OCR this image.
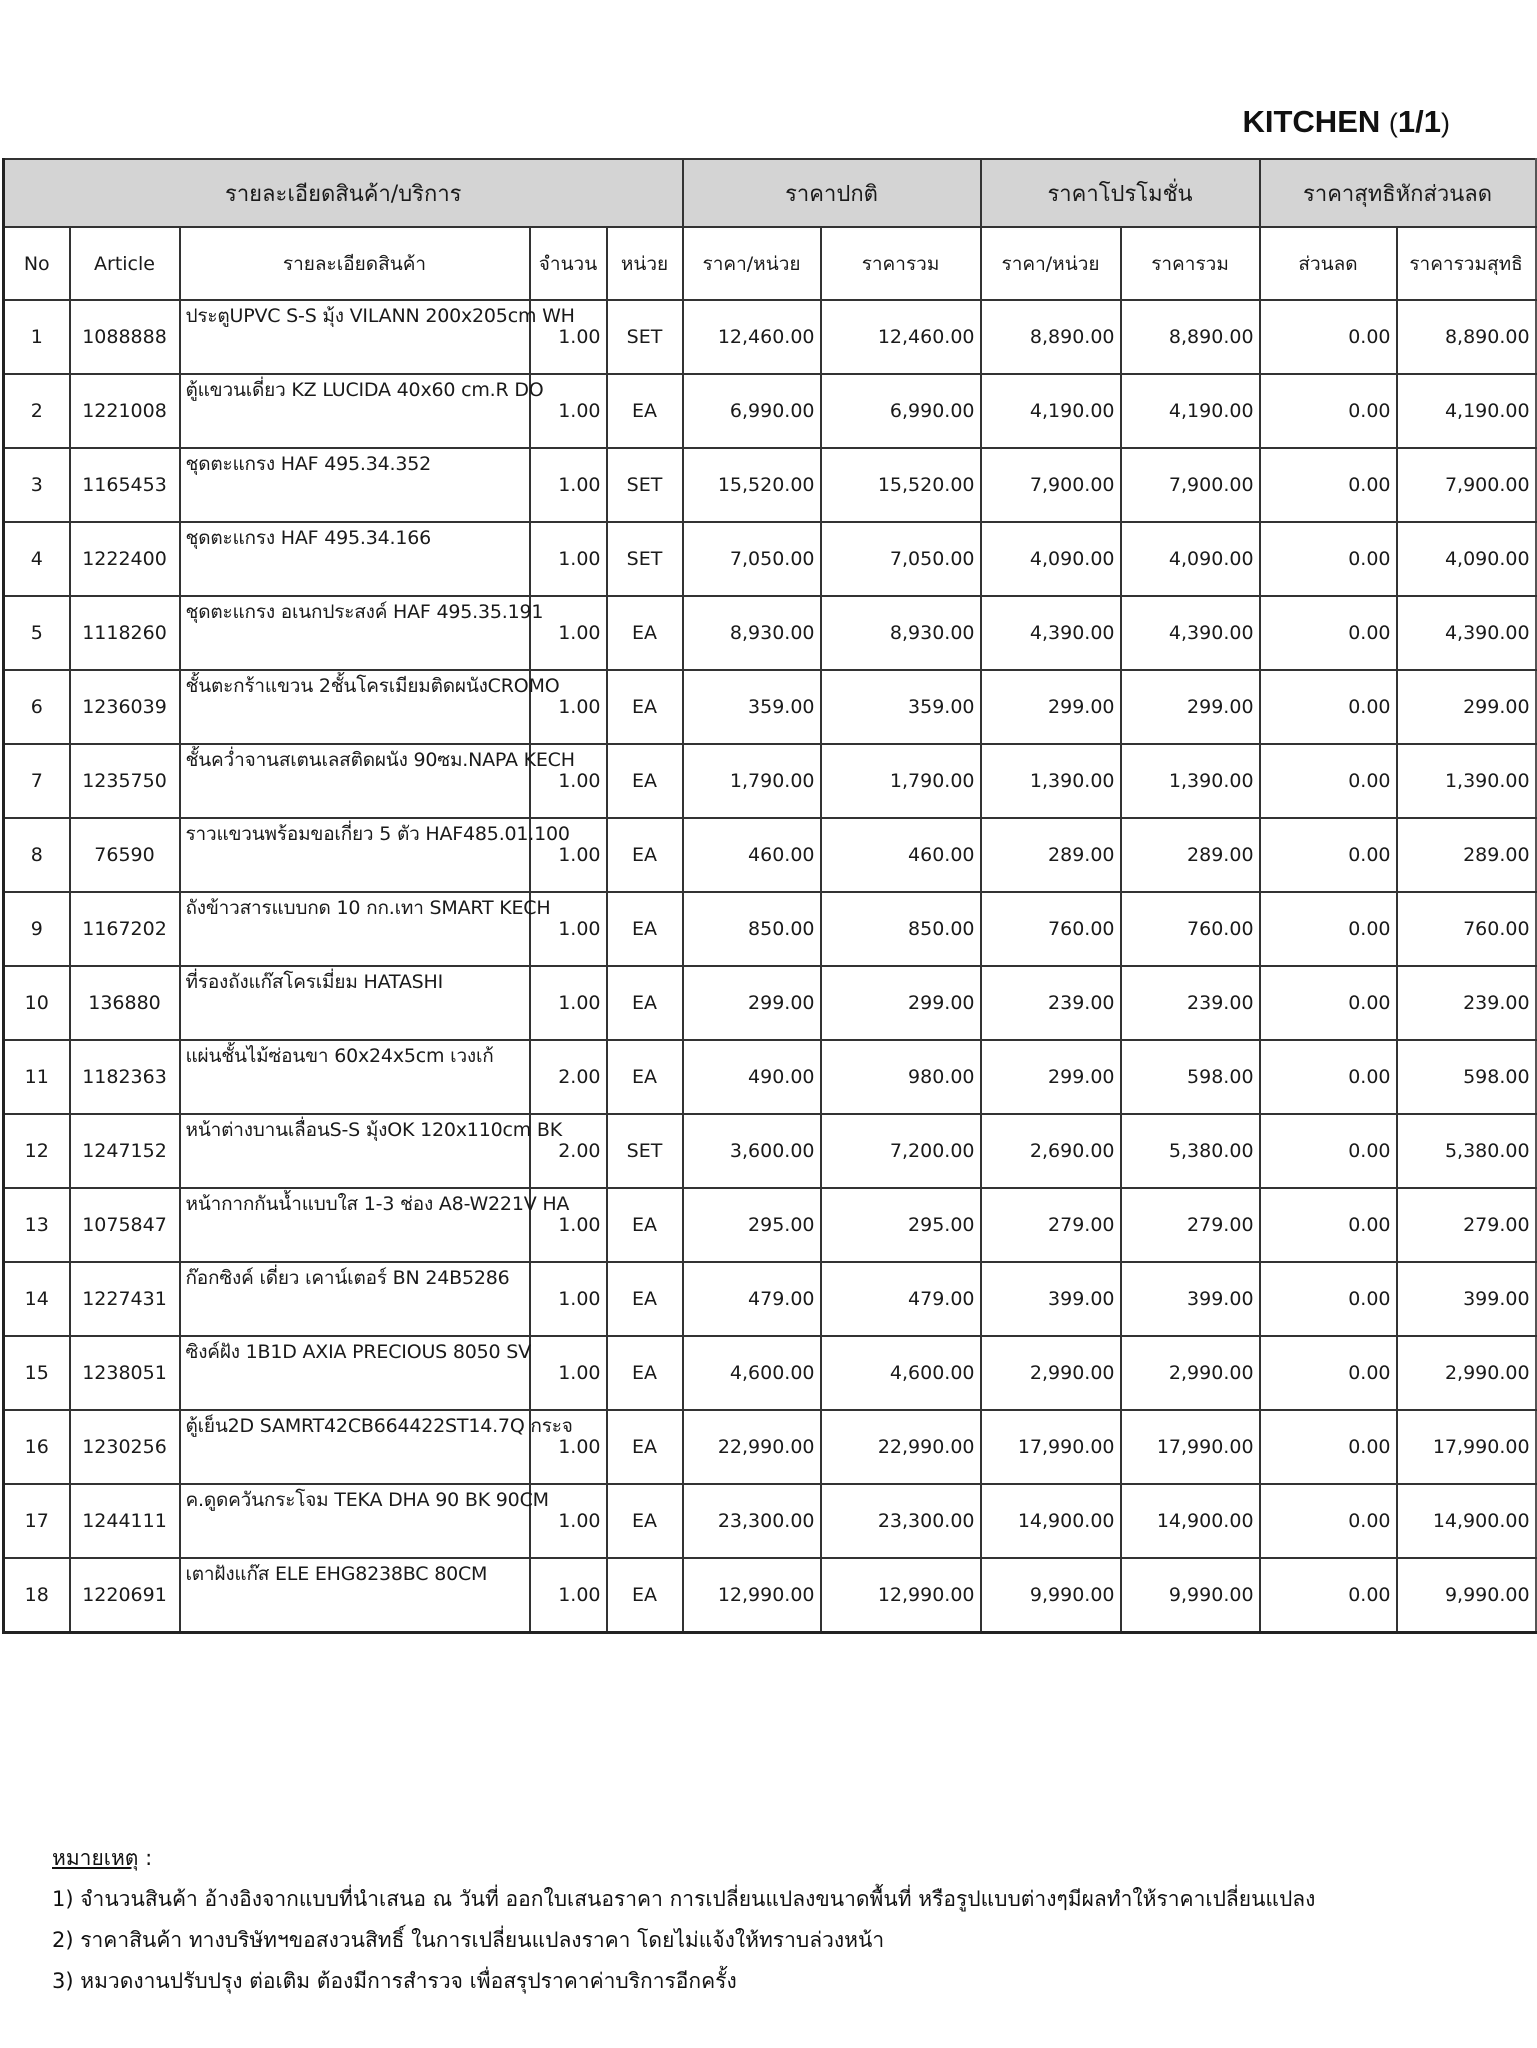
KITCHEN (1/1)
รายละเอียดสินค้า/บริการ					ราคาปกติ		ราคาโปรโมชั่น		ราคาสุทธิหักส่วนลด	
No	Article	รายละเอียดสินค้า	จำนวน	หน่วย	ราคา/หน่วย	ราคารวม	ราคา/หน่วย	ราคารวม	ส่วนลด	ราคารวมสุทธิ
1	1088888	ประตูUPVC S-S มุ้ง VILANN 200x205cm WH	1.00	SET	12,460.00	12,460.00	8,890.00	8,890.00	0.00	8,890.00
2	1221008	ตู้แขวนเดี่ยว KZ LUCIDA 40x60 cm.R DO	1.00	EA	6,990.00	6,990.00	4,190.00	4,190.00	0.00	4,190.00
3	1165453	ชุดตะแกรง HAF 495.34.352	1.00	SET	15,520.00	15,520.00	7,900.00	7,900.00	0.00	7,900.00
4	1222400	ชุดตะแกรง HAF 495.34.166	1.00	SET	7,050.00	7,050.00	4,090.00	4,090.00	0.00	4,090.00
5	1118260	ชุดตะแกรง อเนกประสงค์ HAF 495.35.191	1.00	EA	8,930.00	8,930.00	4,390.00	4,390.00	0.00	4,390.00
6	1236039	ชั้นตะกร้าแขวน 2ชั้นโครเมียมติดผนังCROMO	1.00	EA	359.00	359.00	299.00	299.00	0.00	299.00
7	1235750	ชั้นคว่ำจานสเตนเลสติดผนัง 90ซม.NAPA KECH	1.00	EA	1,790.00	1,790.00	1,390.00	1,390.00	0.00	1,390.00
8	76590	ราวแขวนพร้อมขอเกี่ยว 5 ตัว HAF485.01.100	1.00	EA	460.00	460.00	289.00	289.00	0.00	289.00
9	1167202	ถังข้าวสารแบบกด 10 กก.เทา SMART KECH	1.00	EA	850.00	850.00	760.00	760.00	0.00	760.00
10	136880	ที่รองถังแก๊สโครเมี่ยม HATASHI	1.00	EA	299.00	299.00	239.00	239.00	0.00	239.00
11	1182363	แผ่นชั้นไม้ซ่อนขา 60x24x5cm เวงเก้	2.00	EA	490.00	980.00	299.00	598.00	0.00	598.00
12	1247152	หน้าต่างบานเลื่อนS-S มุ้งOK 120x110cm BK	2.00	SET	3,600.00	7,200.00	2,690.00	5,380.00	0.00	5,380.00
13	1075847	หน้ากากกันน้ำแบบใส 1-3 ช่อง A8-W221V HA	1.00	EA	295.00	295.00	279.00	279.00	0.00	279.00
14	1227431	ก๊อกซิงค์ เดี่ยว เคาน์เตอร์ BN 24B5286	1.00	EA	479.00	479.00	399.00	399.00	0.00	399.00
15	1238051	ซิงค์ฝัง 1B1D AXIA PRECIOUS 8050 SV	1.00	EA	4,600.00	4,600.00	2,990.00	2,990.00	0.00	2,990.00
16	1230256	ตู้เย็น2D SAMRT42CB664422ST14.7Q กระจ	1.00	EA	22,990.00	22,990.00	17,990.00	17,990.00	0.00	17,990.00
17	1244111	ค.ดูดควันกระโจม TEKA DHA 90 BK 90CM	1.00	EA	23,300.00	23,300.00	14,900.00	14,900.00	0.00	14,900.00
18	1220691	เตาฝังแก๊ส ELE EHG8238BC 80CM	1.00	EA	12,990.00	12,990.00	9,990.00	9,990.00	0.00	9,990.00

หมายเหตุ :

1) จำนวนสินค้า อ้างอิงจากแบบที่นำเสนอ ณ วันที่ ออกใบเสนอราคา การเปลี่ยนแปลงขนาดพื้นที่ หรือรูปแบบต่างๆมีผลทำให้ราคาเปลี่ยนแปลง

2) ราคาสินค้า ทางบริษัทฯขอสงวนสิทธิ์ ในการเปลี่ยนแปลงราคา โดยไม่แจ้งให้ทราบล่วงหน้า

3) หมวดงานปรับปรุง ต่อเติม ต้องมีการสำรวจ เพื่อสรุปราคาค่าบริการอีกครั้ง
